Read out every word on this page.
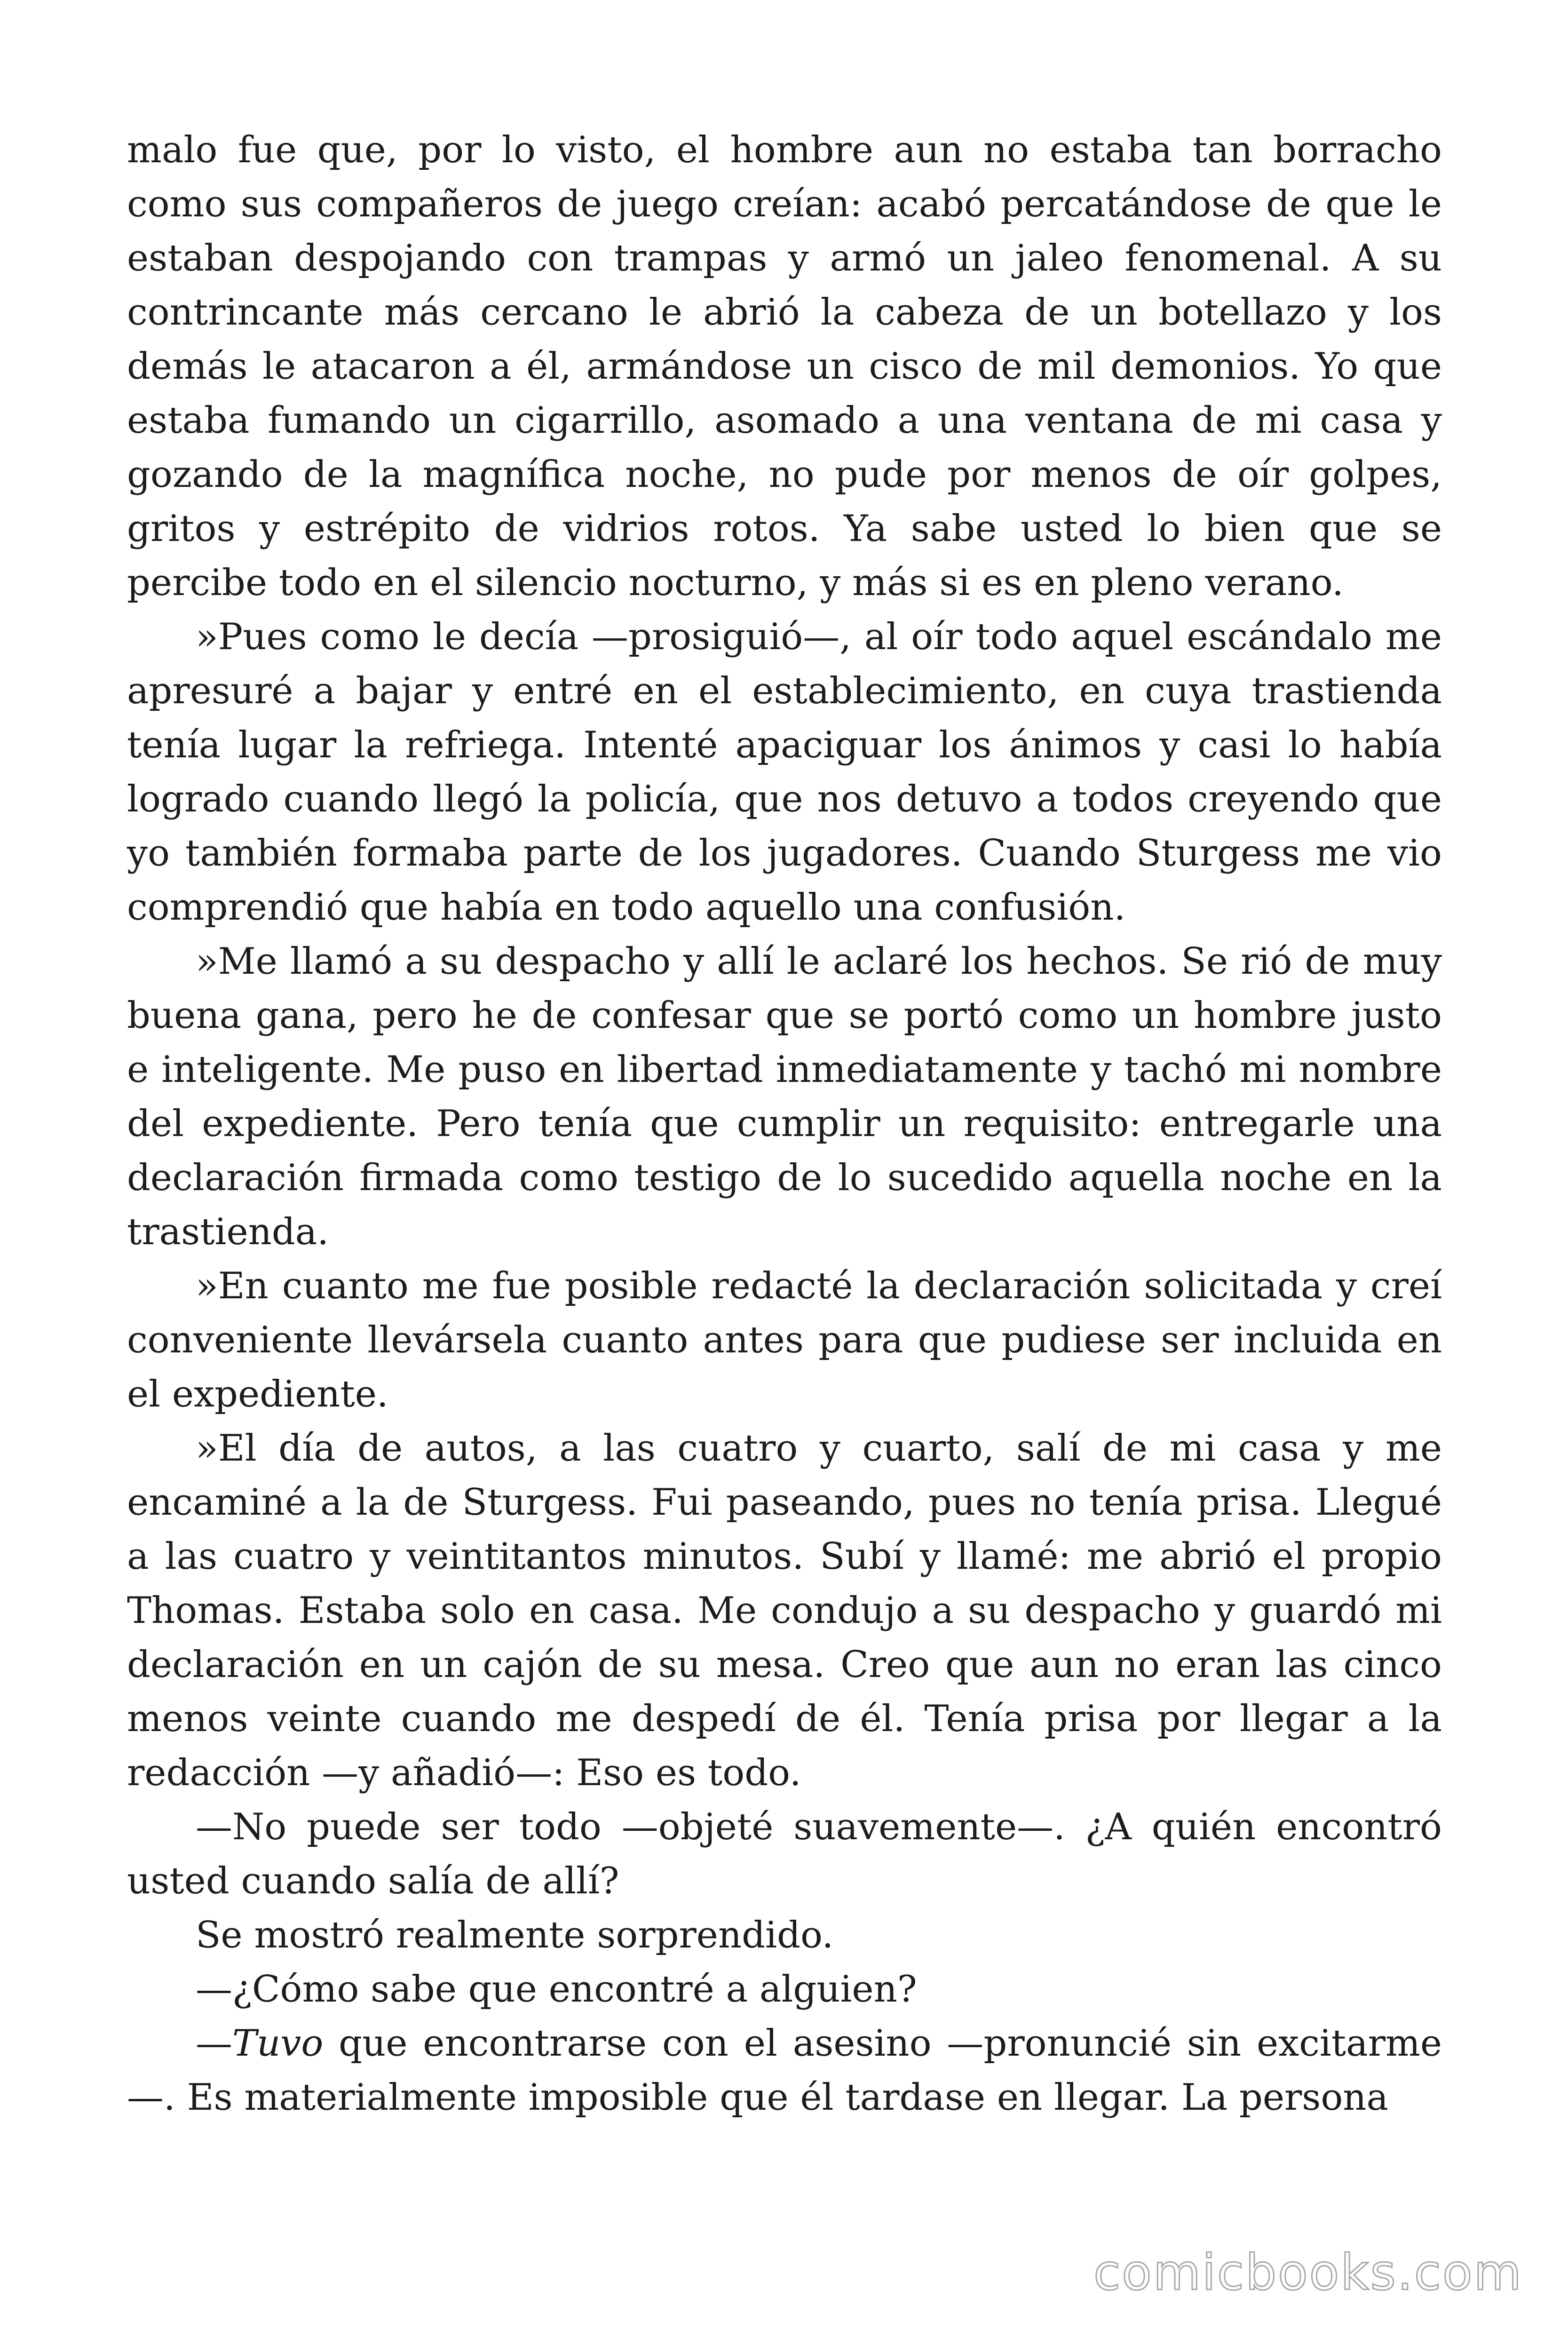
malo fue que, por lo visto, el hombre aun no estaba tan borracho como sus compañeros de juego creían: acabó percatándose de que le estaban despojando con trampas y armó un jaleo fenomenal. A su contrincante más cercano le abrió la cabeza de un botellazo y los demás le atacaron a él, armándose un cisco de mil demonios. Yo que estaba fumando un cigarrillo, asomado a una ventana de mi casa y gozando de la magnífica noche, no pude por menos de oír golpes, gritos y estrépito de vidrios rotos. Ya sabe usted lo bien que se percibe todo en el silencio nocturno, y más si es en pleno verano.

»Pues como le decía —prosiguió—, al oír todo aquel escándalo me apresuré a bajar y entré en el establecimiento, en cuya trastienda tenía lugar la refriega. Intenté apaciguar los ánimos y casi lo había logrado cuando llegó la policía, que nos detuvo a todos creyendo que yo también formaba parte de los jugadores. Cuando Sturgess me vio comprendió que había en todo aquello una confusión.

»Me llamó a su despacho y allí le aclaré los hechos. Se rió de muy buena gana, pero he de confesar que se portó como un hombre justo e inteligente. Me puso en libertad inmediatamente y tachó mi nombre del expediente. Pero tenía que cumplir un requisito: entregarle una declaración firmada como testigo de lo sucedido aquella noche en la trastienda.

»En cuanto me fue posible redacté la declaración solicitada y creí conveniente llevársela cuanto antes para que pudiese ser incluida en el expediente.

»El día de autos, a las cuatro y cuarto, salí de mi casa y me encaminé a la de Sturgess. Fui paseando, pues no tenía prisa. Llegué a las cuatro y veintitantos minutos. Subí y llamé: me abrió el propio Thomas. Estaba solo en casa. Me condujo a su despacho y guardó mi declaración en un cajón de su mesa. Creo que aun no eran las cinco menos veinte cuando me despedí de él. Tenía prisa por llegar a la redacción —y añadió—: Eso es todo.

—No puede ser todo —objeté suavemente—. ¿A quién encontró usted cuando salía de allí?

Se mostró realmente sorprendido.

—¿Cómo sabe que encontré a alguien?

—Tuvo que encontrarse con el asesino —pronuncié sin excitarme —. Es materialmente imposible que él tardase en llegar. La persona

comicbooks.com
